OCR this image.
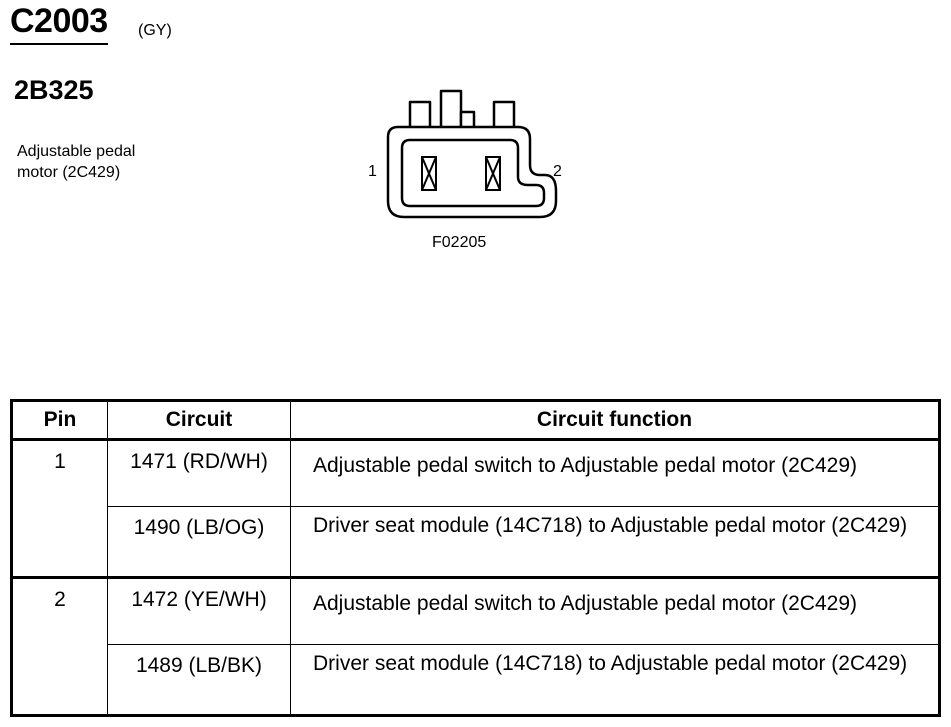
C2003 (GY)
2B325
Adjustable pedal
motor (2C429)	1	2
F02205
Pin	Circuit	Circuit function
1	1471 (RD/WH)	Adjustable pedal switch to Adjustable pedal motor (2C429)
	1490 (LB/OG)	Driver seat module (14C718) to Adjustable pedal motor (2C429)
2	1472 (YE/WH)	Adjustable pedal switch to Adjustable pedal motor (2C429)
	1489 (LB/BK)	Driver seat module (14C718) to Adjustable pedal motor (2C429)
